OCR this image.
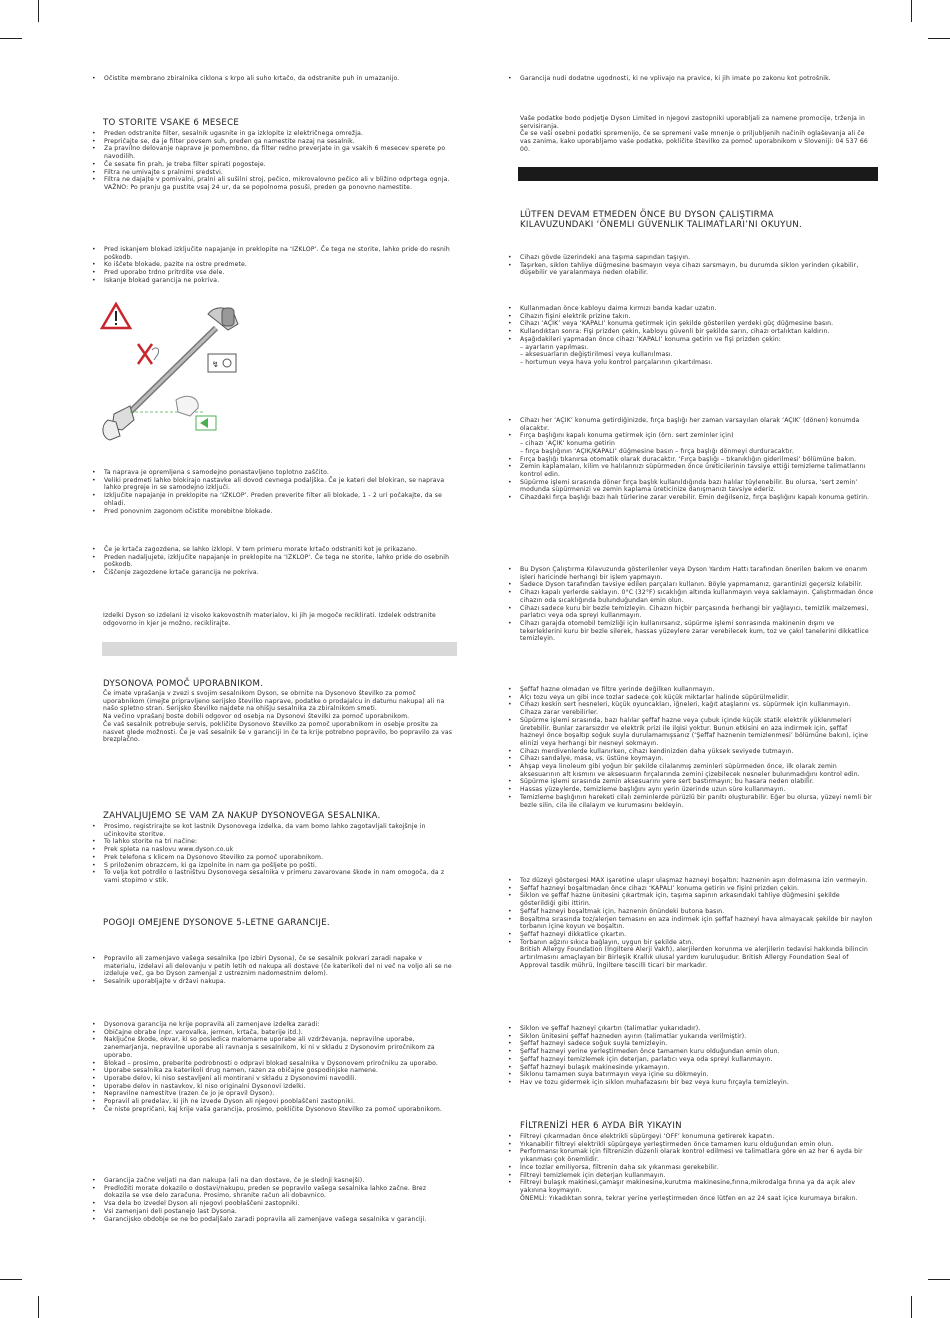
• Očistite membrano zbiralnika ciklona s krpo ali suho krtačo, da odstranite puh in umazanijo.
TO STORITE VSAKE 6 MESECE
• Preden odstranite filter, sesalnik ugasnite in ga izklopite iz električnega omrežja.
• Prepričajte se, da je filter povsem suh, preden ga namestite nazaj na sesalnik.
• Za pravilno delovanje naprave je pomembno, da filter redno preverjate in ga vsakih 6 mesecev sperete po navodilih.
• Če sesate fin prah, je treba filter spirati pogosteje.
• Filtra ne umivajte s pralnimi sredstvi.
• Filtra ne dajajte v pomivalni, pralni ali sušilni stroj, pečico, mikrovalovno pečico ali v bližino odprtega ognja.
VAŽNO: Po pranju ga pustite vsaj 24 ur, da se popolnoma posuši, preden ga ponovno namestite.
• Pred iskanjem blokad izključite napajanje in preklopite na ‘IZKLOP’. Če tega ne storite, lahko pride do resnih poškodb.
• Ko iščete blokade, pazite na ostre predmete.
• Pred uporabo trdno pritrdite vse dele.
• Iskanje blokad garancija ne pokriva.
↯
• Ta naprava je opremljena s samodejno ponastavljeno toplotno zaščito.
• Veliki predmeti lahko blokirajo nastavke ali dovod cevnega podaljška. Če je kateri del blokiran, se naprava lahko pregreje in se samodejno izključi.
• Izključite napajanje in preklopite na ‘IZKLOP’. Preden preverite filter ali blokade, 1 - 2 uri počakajte, da se ohladi.
• Pred ponovnim zagonom očistite morebitne blokade.
• Če je krtača zagozdena, se lahko izklopi. V tem primeru morate krtačo odstraniti kot je prikazano.
• Preden nadaljujete, izključite napajanje in preklopite na ‘IZKLOP’. Če tega ne storite, lahko pride do osebnih poškodb.
• Čiščenje zagozdene krtače garancija ne pokriva.

Izdelki Dyson so izdelani iz visoko kakovostnih materialov, ki jih je mogoče reciklirati. Izdelek odstranite odgovorno in kjer je možno, reciklirajte.

DYSONOVA POMOČ UPORABNIKOM.

Če imate vprašanja v zvezi s svojim sesalnikom Dyson, se obrnite na Dysonovo številko za pomoč uporabnikom (imejte pripravljeno serijsko številko naprave, podatke o prodajalcu in datumu nakupa) ali na našo spletno stran. Serijsko številko najdete na ohišju sesalnika za zbiralnikom smeti.

Na večino vprašanj boste dobili odgovor od osebja na Dysonovi številki za pomoč uporabnikom.

Če vaš sesalnik potrebuje servis, pokličite Dysonovo številko za pomoč uporabnikom in osebje prosite za nasvet glede možnosti. Če je vaš sesalnik še v garanciji in če ta krije potrebno popravilo, bo popravilo za vas brezplačno.

ZAHVALJUJEMO SE VAM ZA NAKUP DYSONOVEGA SESALNIKA.
• Prosimo, registrirajte se kot lastnik Dysonovega izdelka, da vam bomo lahko zagotavljali takojšnje in učinkovite storitve.
• To lahko storite na tri načine:
• Prek spleta na naslovu www.dyson.co.uk
• Prek telefona s klicem na Dysonovo številko za pomoč uporabnikom.
• S priloženim obrazcem, ki ga izpolnite in nam ga pošljete po pošti.
• To velja kot potrdilo o lastništvu Dysonovega sesalnika v primeru zavarovane škode in nam omogoča, da z vami stopimo v stik.
POGOJI OMEJENE DYSONOVE 5-LETNE GARANCIJE.
• Popravilo ali zamenjavo vašega sesalnika (po izbiri Dysona), če se sesalnik pokvari zaradi napake v materialu, izdelavi ali delovanju v petih letih od nakupa ali dostave (če katerikoli del ni več na voljo ali se ne izdeluje več, ga bo Dyson zamenjal z ustreznim nadomestnim delom).
• Sesalnik uporabljajte v državi nakupa.
• Dysonova garancija ne krije popravila ali zamenjave izdelka zaradi:
• Običajne obrabe (npr. varovalka, jermen, krtača, baterije itd.).
• Naključne škode, okvar, ki so posledica malomarne uporabe ali vzdrževanja, nepravilne uporabe, zanemarjanja, nepravilne uporabe ali ravnanja s sesalnikom, ki ni v skladu z Dysonovim priročnikom za uporabo.
• Blokad – prosimo, preberite podrobnosti o odpravi blokad sesalnika v Dysonovem priročniku za uporabo.
• Uporabe sesalnika za katerikoli drug namen, razen za običajne gospodinjske namene.
• Uporabe delov, ki niso sestavljeni ali montirani v skladu z Dysonovimi navodili.
• Uporabe delov in nastavkov, ki niso originalni Dysonovi izdelki.
• Nepravilne namestitve (razen če jo je opravil Dyson).
• Popravil ali predelav, ki jih ne izvede Dyson ali njegovi pooblaščeni zastopniki.
• Če niste prepričani, kaj krije vaša garancija, prosimo, pokličite Dysonovo številko za pomoč uporabnikom.
• Garancija začne veljati na dan nakupa (ali na dan dostave, če je slednji kasnejši).
• Predložiti morate dokazilo o dostavi/nakupu, preden se popravilo vašega sesalnika lahko začne. Brez dokazila se vse delo zaračuna. Prosimo, shranite račun ali dobavnico.
• Vsa dela bo izvedel Dyson ali njegovi pooblaščeni zastopniki.
• Vsi zamenjani deli postanejo last Dysona.
• Garancijsko obdobje se ne bo podaljšalo zaradi popravila ali zamenjave vašega sesalnika v garanciji.
• Garancija nudi dodatne ugodnosti, ki ne vplivajo na pravice, ki jih imate po zakonu kot potrošnik.

Vaše podatke bodo podjetje Dyson Limited in njegovi zastopniki uporabljali za namene promocije, trženja in servisiranja.

Če se vaši osebni podatki spremenijo, če se spremeni vaše mnenje o priljubljenih načinih oglaševanja ali če vas zanima, kako uporabljamo vaše podatke, pokličite številko za pomoč uporabnikom v Sloveniji: 04 537 66 00.

LÜTFEN DEVAM ETMEDEN ÖNCE BU DYSON ÇALIŞTIRMA KILAVUZUNDAKI ‘ÖNEMLI GÜVENLIK TALIMATLARI’NI OKUYUN.
• Cihazı gövde üzerindeki ana taşıma sapından taşıyın.
• Taşırken, siklon tahliye düğmesine basmayın veya cihazı sarsmayın, bu durumda siklon yerinden çıkabilir, düşebilir ve yaralanmaya neden olabilir.
• Kullanmadan önce kabloyu daima kırmızı banda kadar uzatın.
• Cihazın fişini elektrik prizine takın.
• Cihazı ‘AÇIK’ veya ‘KAPALI’ konuma getirmek için şekilde gösterilen yerdeki güç düğmesine basın.
• Kullandıktan sonra: Fişi prizden çekin, kabloyu güvenli bir şekilde sarın, cihazı ortalıktan kaldırın.
• Aşağıdakileri yapmadan önce cihazı ‘KAPALI’ konuma getirin ve fişi prizden çekin:
– ayarların yapılması.
– aksesuarların değiştirilmesi veya kullanılması.
– hortumun veya hava yolu kontrol parçalarının çıkartılması.
• Cihazı her ‘AÇIK’ konuma getirdiğinizde, fırça başlığı her zaman varsayılan olarak ‘AÇIK’ (dönen) konumda olacaktır.
• Fırça başlığını kapalı konuma getirmek için (örn. sert zeminler için)
– cihazı ‘AÇIK’ konuma getirin
– fırça başlığının ‘AÇIK/KAPALI’ düğmesine basın – fırça başlığı dönmeyi durduracaktır.
• Fırça başlığı tıkanırsa otomatik olarak duracaktır. ‘Fırça başlığı – tıkanıklığın giderilmesi’ bölümüne bakın.
• Zemin kaplamaları, kilim ve halılarınızı süpürmeden önce üreticilerinin tavsiye ettiği temizleme talimatlarını kontrol edin.
• Süpürme işlemi sırasında döner fırça başlık kullanıldığında bazı halılar tüylenebilir. Bu olursa, ‘sert zemin’ modunda süpürmenizi ve zemin kaplama üreticinize danışmanızı tavsiye ederiz.
• Cihazdaki fırça başlığı bazı halı türlerine zarar verebilir. Emin değilseniz, fırça başlığını kapalı konuma getirin.
• Bu Dyson Çalıştırma Kılavuzunda gösterilenler veya Dyson Yardım Hattı tarafından önerilen bakım ve onarım işleri haricinde herhangi bir işlem yapmayın.
• Sadece Dyson tarafından tavsiye edilen parçaları kullanın. Böyle yapmamanız, garantinizi geçersiz kılabilir.
• Cihazı kapalı yerlerde saklayın. 0°C (32°F) sıcaklığın altında kullanmayın veya saklamayın. Çalıştırmadan önce cihazın oda sıcaklığında bulunduğundan emin olun.
• Cihazı sadece kuru bir bezle temizleyin. Cihazın hiçbir parçasında herhangi bir yağlayıcı, temizlik malzemesi, parlatıcı veya oda spreyi kullanmayın.
• Cihazı garajda otomobil temizliği için kullanırsanız, süpürme işlemi sonrasında makinenin dışını ve tekerleklerini kuru bir bezle silerek, hassas yüzeylere zarar verebilecek kum, toz ve çakıl tanelerini dikkatlice temizleyin.
• Şeffaf hazne olmadan ve filtre yerinde değilken kullanmayın.
• Alçı tozu veya un gibi ince tozlar sadece çok küçük miktarlar halinde süpürülmelidir.
• Cihazı keskin sert nesneleri, küçük oyuncakları, iğneleri, kağıt ataşlarını vs. süpürmek için kullanmayın. Cihaza zarar verebilirler.
• Süpürme işlemi sırasında, bazı halılar şeffaf hazne veya çubuk içinde küçük statik elektrik yüklenmeleri üretebilir. Bunlar zararsızdır ve elektrik prizi ile ilgisi yoktur. Bunun etkisini en aza indirmek için, şeffaf hazneyi önce boşaltıp soğuk suyla durulamamışsanız (‘Şeffaf haznenin temizlenmesi’ bölümüne bakın), içine elinizi veya herhangi bir nesneyi sokmayın.
• Cihazı merdivenlerde kullanırken, cihazı kendinizden daha yüksek seviyede tutmayın.
• Cihazı sandalye, masa, vs. üstüne koymayın.
• Ahşap veya linoleum gibi yoğun bir şekilde cilalanmış zeminleri süpürmeden önce, ilk olarak zemin aksesuarının alt kısmını ve aksesuarın fırçalarında zemini çizebilecek nesneler bulunmadığını kontrol edin.
• Süpürme işlemi sırasında zemin aksesuarını yere sert bastırmayın; bu hasara neden olabilir.
• Hassas yüzeylerde, temizleme başlığını aynı yerin üzerinde uzun süre kullanmayın.
• Temizleme başlığının hareketi cilalı zeminlerde pürüzlü bir parıltı oluşturabilir. Eğer bu olursa, yüzeyi nemli bir bezle silin, cila ile cilalayın ve kurumasını bekleyin.
• Toz düzeyi göstergesi MAX işaretine ulaşır ulaşmaz hazneyi boşaltın; haznenin aşırı dolmasına izin vermeyin.
• Şeffaf hazneyi boşaltmadan önce cihazı ‘KAPALI’ konuma getirin ve fişini prizden çekin.
• Siklon ve şeffaf hazne ünitesini çıkartmak için, taşıma sapının arkasındaki tahliye düğmesini şekilde gösterildiği gibi ittirin.
• Şeffaf hazneyi boşaltmak için, haznenin önündeki butona basın.
• Boşaltma sırasında toz/alerjen temasını en aza indirmek için şeffaf hazneyi hava almayacak şekilde bir naylon torbanın içine koyun ve boşaltın.
• Şeffaf hazneyi dikkatlice çıkartın.
• Torbanın ağzını sıkıca bağlayın, uygun bir şekilde atın.
British Allergy Foundation (İngiltere Alerji Vakfı), alerjilerden korunma ve alerjilerin tedavisi hakkında bilincin artırılmasını amaçlayan bir Birleşik Krallık ulusal yardım kuruluşudur. British Allergy Foundation Seal of Approval tasdik mührü, İngiltere tescilli ticari bir markadır.
• Siklon ve şeffaf hazneyi çıkartın (talimatlar yukarıdadır).
• Siklon ünitesini şeffaf hazneden ayırın (talimatlar yukarıda verilmiştir).
• Şeffaf hazneyi sadece soğuk suyla temizleyin.
• Şeffaf hazneyi yerine yerleştirmeden önce tamamen kuru olduğundan emin olun.
• Şeffaf hazneyi temizlemek için deterjan, parlatıcı veya oda spreyi kullanmayın.
• Şeffaf hazneyi bulaşık makinesinde yıkamayın.
• Siklonu tamamen suya batırmayın veya içine su dökmeyin.
• Hav ve tozu gidermek için siklon muhafazasını bir bez veya kuru fırçayla temizleyin.
FİLTRENİZİ HER 6 AYDA BİR YIKAYIN
• Filtreyi çıkarmadan önce elektrikli süpürgeyi ‘OFF’ konumuna getirerek kapatın.
• Yıkanabilir filtreyi elektrikli süpürgeye yerleştirmeden önce tamamen kuru olduğundan emin olun.
• Performansı korumak için filtrenizin düzenli olarak kontrol edilmesi ve talimatlara göre en az her 6 ayda bir yıkanması çok önemlidir.
• İnce tozlar emiliyorsa, filtrenin daha sık yıkanması gerekebilir.
• Filtreyi temizlemek için deterjan kullanmayın.
• Filtreyi bulaşık makinesi,çamaşır makinesine,kurutma makinesine,fırına,mikrodalga fırına ya da açık alev yakınına koymayın.
ÖNEMLİ: Yıkadıktan sonra, tekrar yerine yerleştirmeden önce lütfen en az 24 saat içice kurumaya bırakın.
